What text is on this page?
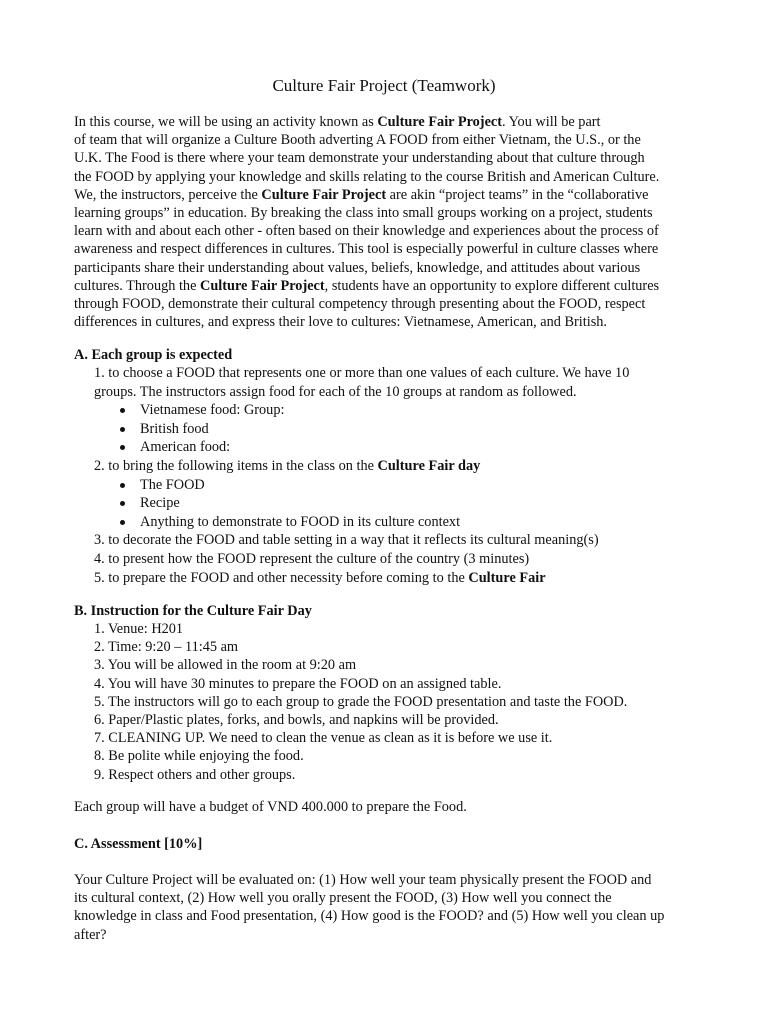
Culture Fair Project (Teamwork)
In this course, we will be using an activity known as Culture Fair Project. You will be part
of team that will organize a Culture Booth adverting A FOOD from either Vietnam, the U.S., or the
U.K. The Food is there where your team demonstrate your understanding about that culture through
the FOOD by applying your knowledge and skills relating to the course British and American Culture.
We, the instructors, perceive the Culture Fair Project are akin “project teams” in the “collaborative
learning groups” in education. By breaking the class into small groups working on a project, students
learn with and about each other - often based on their knowledge and experiences about the process of
awareness and respect differences in cultures. This tool is especially powerful in culture classes where
participants share their understanding about values, beliefs, knowledge, and attitudes about various
cultures. Through the Culture Fair Project, students have an opportunity to explore different cultures
through FOOD, demonstrate their cultural competency through presenting about the FOOD, respect
differences in cultures, and express their love to cultures: Vietnamese, American, and British.
A. Each group is expected
1. to choose a FOOD that represents one or more than one values of each culture. We have 10
groups. The instructors assign food for each of the 10 groups at random as followed.
Vietnamese food: Group:
British food
American food:
2. to bring the following items in the class on the Culture Fair day
The FOOD
Recipe
Anything to demonstrate to FOOD in its culture context
3. to decorate the FOOD and table setting in a way that it reflects its cultural meaning(s)
4. to present how the FOOD represent the culture of the country (3 minutes)
5. to prepare the FOOD and other necessity before coming to the Culture Fair
B. Instruction for the Culture Fair Day
1. Venue: H201
2. Time: 9:20 – 11:45 am
3. You will be allowed in the room at 9:20 am
4. You will have 30 minutes to prepare the FOOD on an assigned table.
5. The instructors will go to each group to grade the FOOD presentation and taste the FOOD.
6. Paper/Plastic plates, forks, and bowls, and napkins will be provided.
7. CLEANING UP. We need to clean the venue as clean as it is before we use it.
8. Be polite while enjoying the food.
9. Respect others and other groups.
Each group will have a budget of VND 400.000 to prepare the Food.
C. Assessment [10%]
Your Culture Project will be evaluated on: (1) How well your team physically present the FOOD and
its cultural context, (2) How well you orally present the FOOD, (3) How well you connect the
knowledge in class and Food presentation, (4) How good is the FOOD? and (5) How well you clean up
after?
